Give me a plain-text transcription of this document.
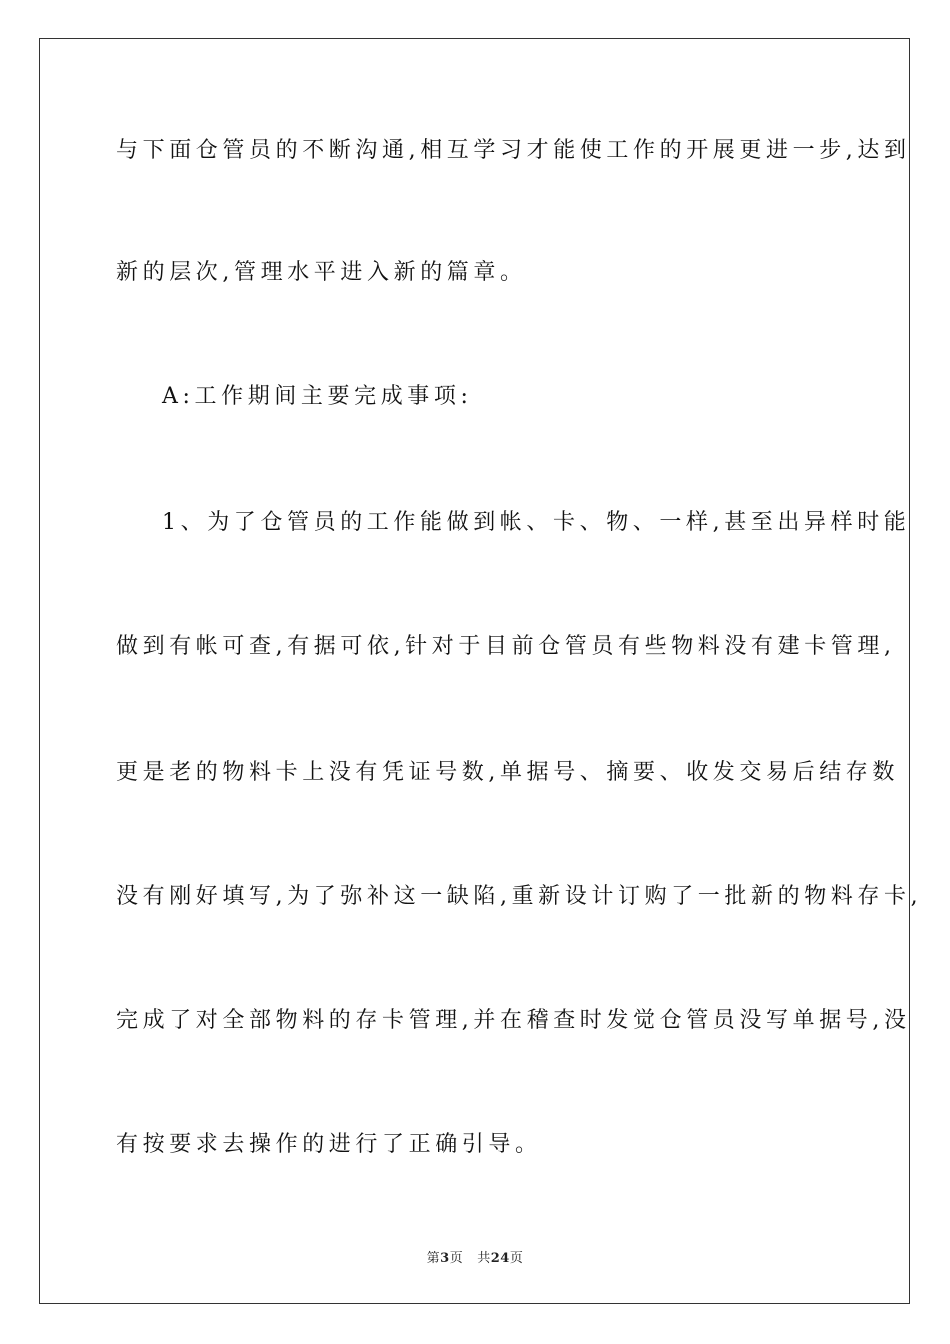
与下面仓管员的不断沟通,相互学习才能使工作的开展更进一步,达到
新的层次,管理水平进入新的篇章。
A:工作期间主要完成事项:
1、为了仓管员的工作能做到帐、卡、物、一样,甚至出异样时能
做到有帐可查,有据可依,针对于目前仓管员有些物料没有建卡管理,
更是老的物料卡上没有凭证号数,单据号、摘要、收发交易后结存数
没有刚好填写,为了弥补这一缺陷,重新设计订购了一批新的物料存卡,
完成了对全部物料的存卡管理,并在稽查时发觉仓管员没写单据号,没
有按要求去操作的进行了正确引导。
第3页 共24页
